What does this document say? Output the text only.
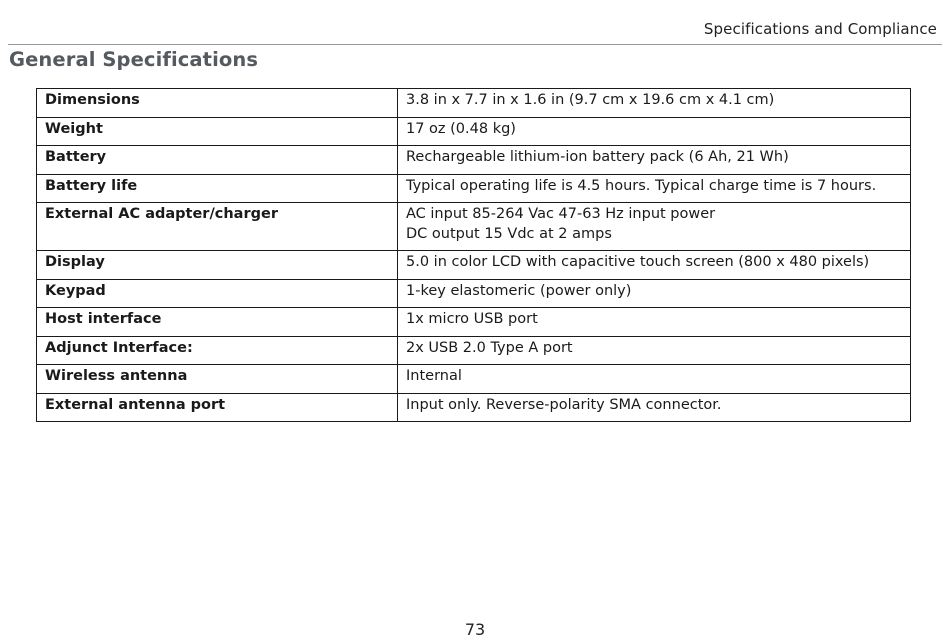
Specifications and Compliance
General Specifications
Dimensions	3.8 in x 7.7 in x 1.6 in (9.7 cm x 19.6 cm x 4.1 cm)
Weight	17 oz (0.48 kg)
Battery	Rechargeable lithium-ion battery pack (6 Ah, 21 Wh)
Battery life	Typical operating life is 4.5 hours. Typical charge time is 7 hours.
External AC adapter/charger	AC input 85-264 Vac 47-63 Hz input power
DC output 15 Vdc at 2 amps
Display	5.0 in color LCD with capacitive touch screen (800 x 480 pixels)
Keypad	1-key elastomeric (power only)
Host interface	1x micro USB port
Adjunct Interface:	2x USB 2.0 Type A port
Wireless antenna	Internal
External antenna port	Input only. Reverse-polarity SMA connector.
73
